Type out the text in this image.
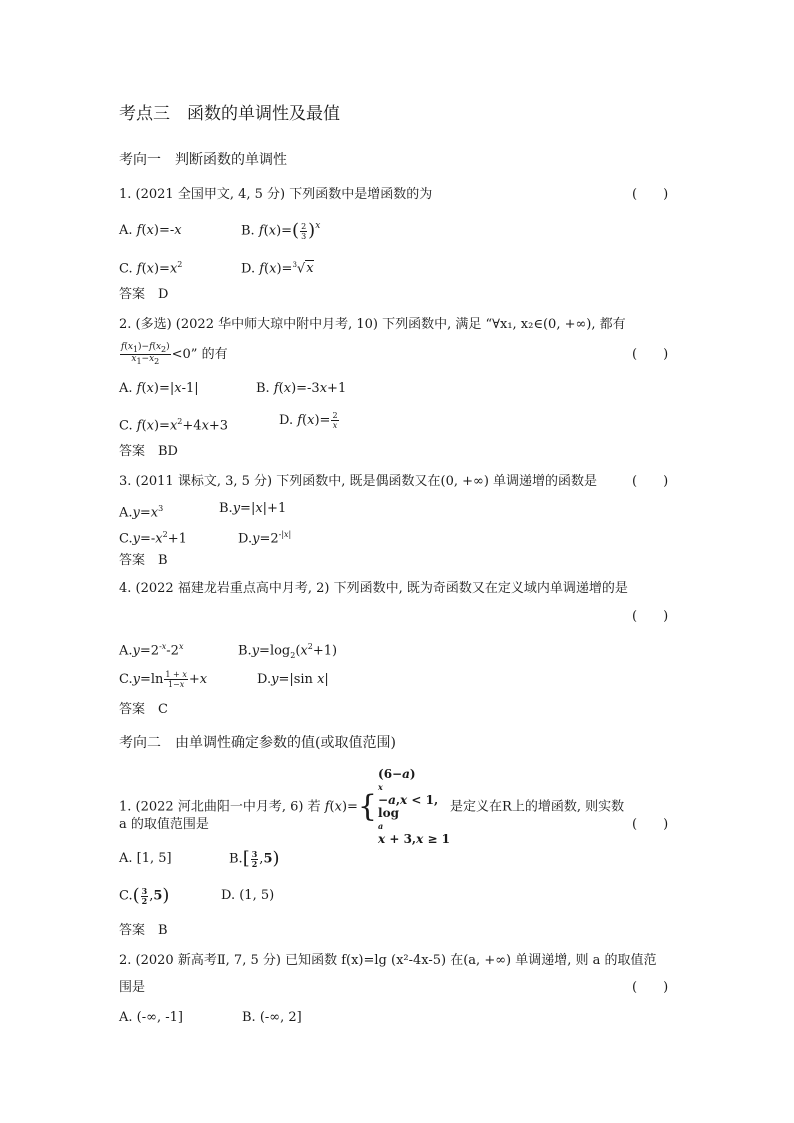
考点三　函数的单调性及最值
考向一　判断函数的单调性
1. (2021 全国甲文, 4, 5 分) 下列函数中是增函数的为	(　　)
A. f(x)=-x	B. $f(x)=( \frac{2}{3} )^x$
C. $f(x)=x^2$	D. f(x)=$^3$√x
答案　D
2. (多选) (2022 华中师大琼中附中月考, 10) 下列函数中, 满足 “∀x₁, x₂∈(0, +∞), 都有
$\frac{f(x1)-f(x2)}{x1-x2} <0$” 的有	(　　)
A. f(x)=|x-1|	B. f(x)=-3x+1
C. $f(x)=x^2+4x+3$	D. $f(x)= \frac{2}{x}$
答案　BD
3. (2011 课标文, 3, 5 分) 下列函数中, 既是偶函数又在(0, +∞) 单调递增的函数是	(　　)
$A.y=x^3$	B.y=|x|+1
$C.y=-x^2+1$	$D.y=2^{-|x|}$
答案　B
4. (2022 福建龙岩重点高中月考, 2) 下列函数中, 既为奇函数又在定义域内单调递增的是
(　　)
$A.y=2^{-x}-2^x$	$B.y=\log_2(x^2+1)$
$C.y=\ln \frac{1 + x}{1-x} +x$	D.y=|sin x|
答案　C
考向二　由单调性确定参数的值(或取值范围)
1. (2022 河北曲阳一中月考, 6) 若 f(x)={
(6−a)
x
−a,x < 1,
log
a
x + 3,x ≥ 1
是定义在R上的增函数, 则实数
a 的取值范围是	(　　)
A. [1, 5]	$B.[ \frac{3}{2} ,5)$
$C.( \frac{3}{2} ,5)$	D. (1, 5)
答案　B
2. (2020 新高考Ⅱ, 7, 5 分) 已知函数 f(x)=lg (x²-4x-5) 在(a, +∞) 单调递增, 则 a 的取值范
围是	(　　)
A. (-∞, -1]	B. (-∞, 2]
